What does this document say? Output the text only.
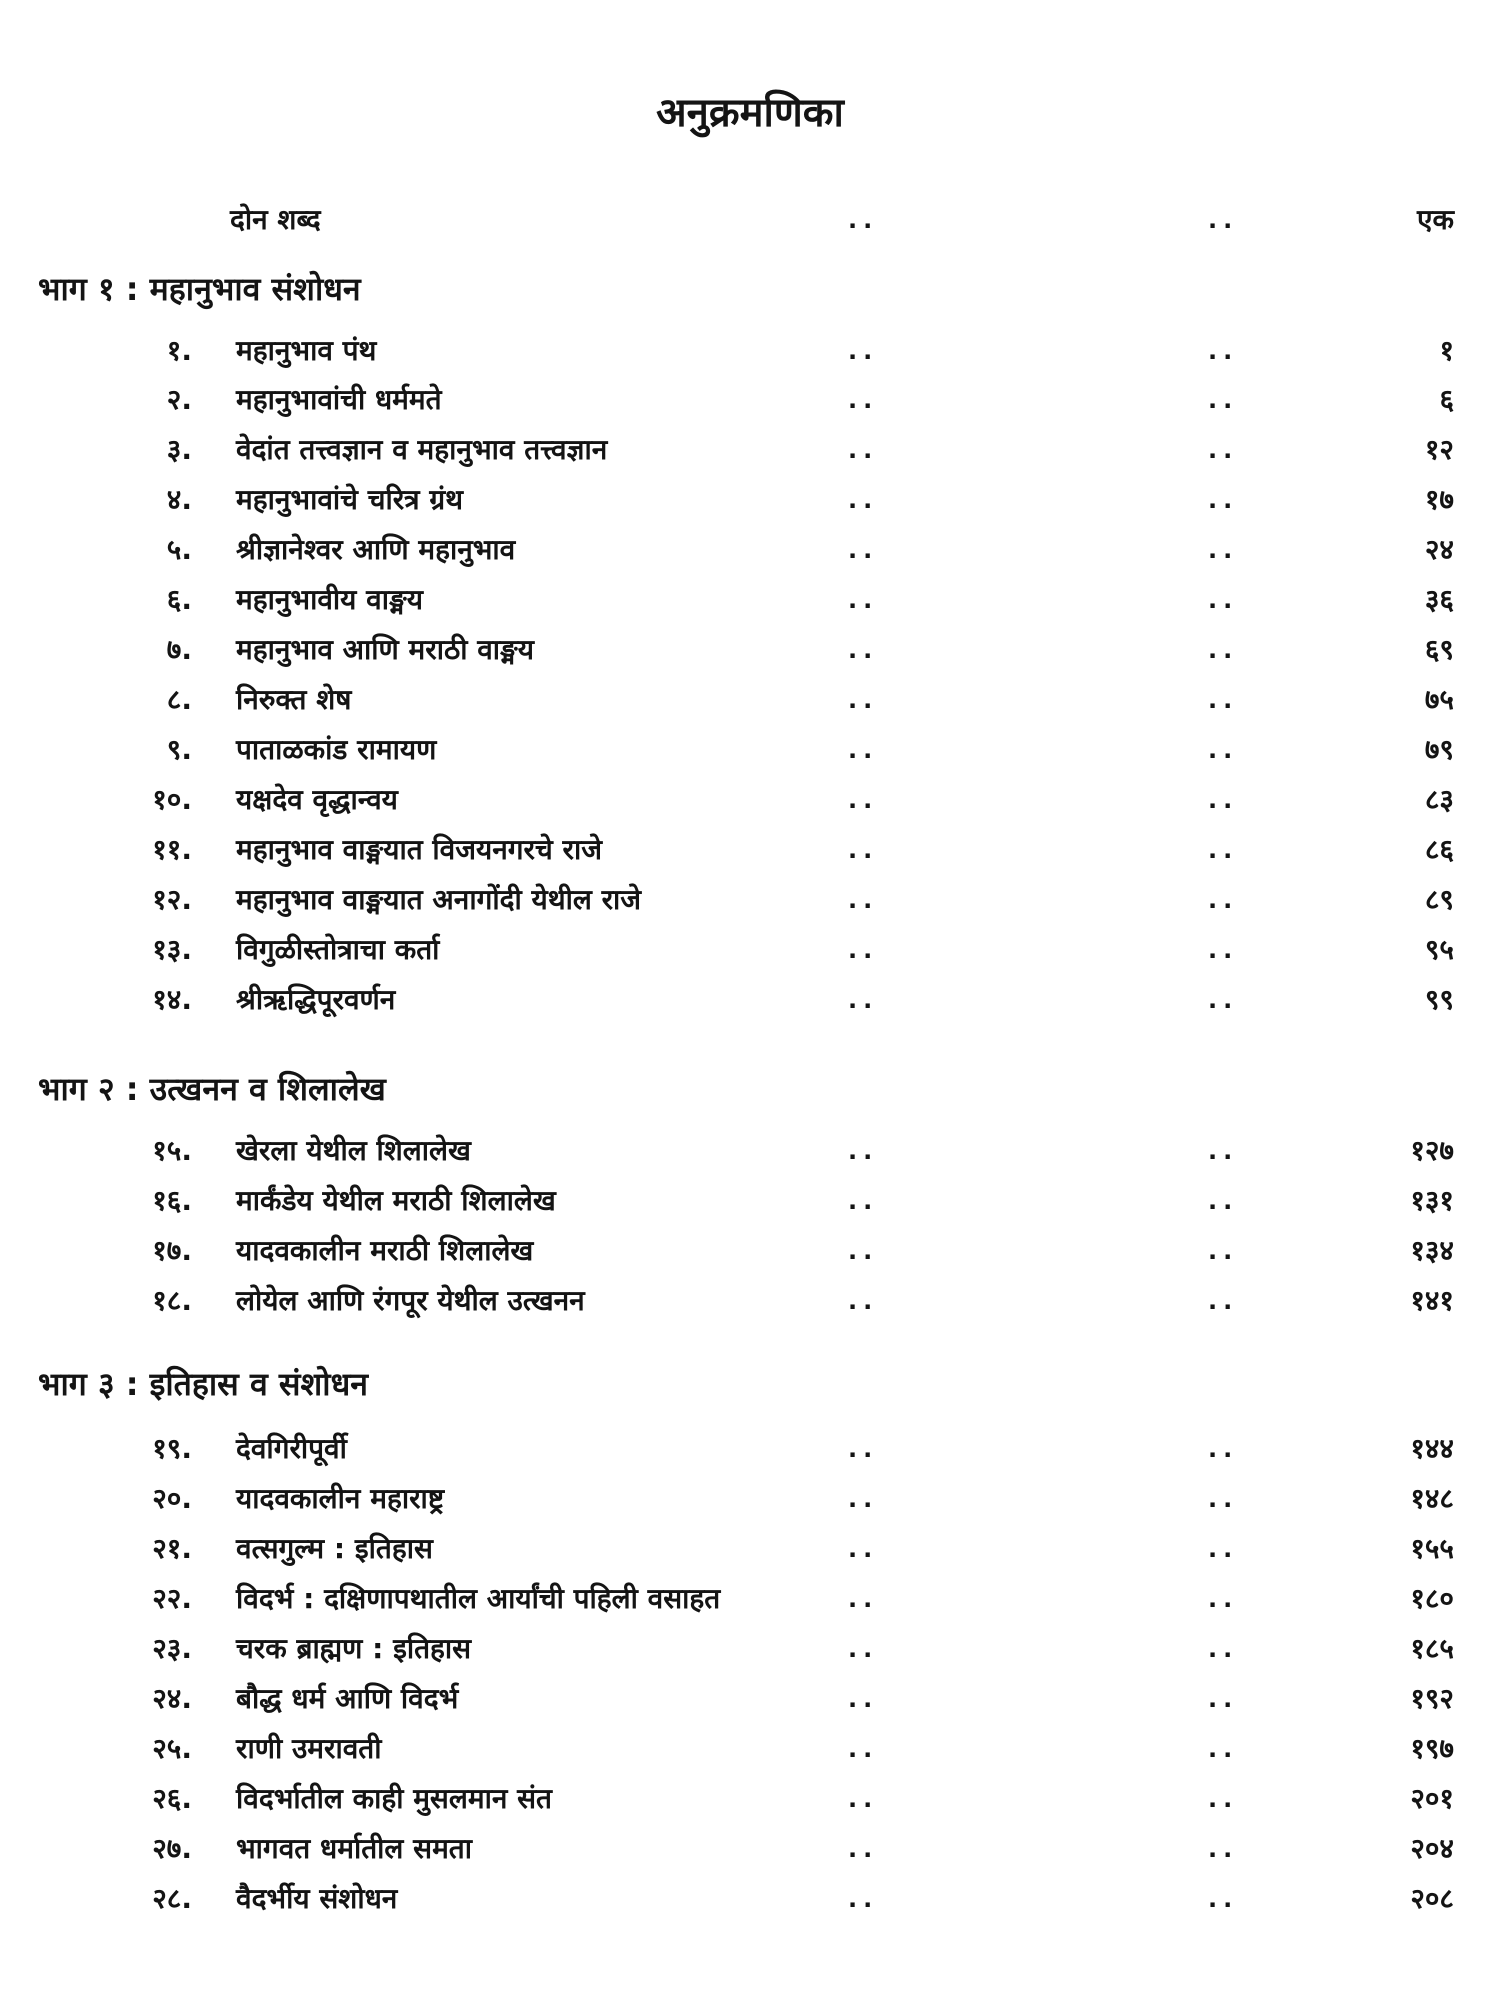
अनुक्रमणिका
दोन शब्द	..	..	एक
भाग १ : महानुभाव संशोधन
१. महानुभाव पंथ	..	..	१
२. महानुभावांची धर्ममते	..	..	६
३. वेदांत तत्त्वज्ञान व महानुभाव तत्त्वज्ञान	..	..	१२
४. महानुभावांचे चरित्र ग्रंथ	..	..	१७
५. श्रीज्ञानेश्वर आणि महानुभाव	..	..	२४
६. महानुभावीय वाङ्मय	..	..	३६
७. महानुभाव आणि मराठी वाङ्मय	..	..	६९
८. निरुक्त शेष	..	..	७५
९. पाताळकांड रामायण	..	..	७९
१०. यक्षदेव वृद्धान्वय	..	..	८३
११. महानुभाव वाङ्मयात विजयनगरचे राजे	..	..	८६
१२. महानुभाव वाङ्मयात अनागोंदी येथील राजे	..	..	८९
१३. विगुळीस्तोत्राचा कर्ता	..	..	९५
१४. श्रीऋद्धिपूरवर्णन	..	..	९९
भाग २ : उत्खनन व शिलालेख
१५. खेरला येथील शिलालेख	..	..	१२७
१६. मार्कंडेय येथील मराठी शिलालेख	..	..	१३१
१७. यादवकालीन मराठी शिलालेख	..	..	१३४
१८. लोयेल आणि रंगपूर येथील उत्खनन	..	..	१४१
भाग ३ : इतिहास व संशोधन
१९. देवगिरीपूर्वी	..	..	१४४
२०. यादवकालीन महाराष्ट्र	..	..	१४८
२१. वत्सगुल्म : इतिहास	..	..	१५५
२२. विदर्भ : दक्षिणापथातील आर्यांची पहिली वसाहत	..	..	१८०
२३. चरक ब्राह्मण : इतिहास	..	..	१८५
२४. बौद्ध धर्म आणि विदर्भ	..	..	१९२
२५. राणी उमरावती	..	..	१९७
२६. विदर्भातील काही मुसलमान संत	..	..	२०१
२७. भागवत धर्मातील समता	..	..	२०४
२८. वैदर्भीय संशोधन	..	..	२०८
